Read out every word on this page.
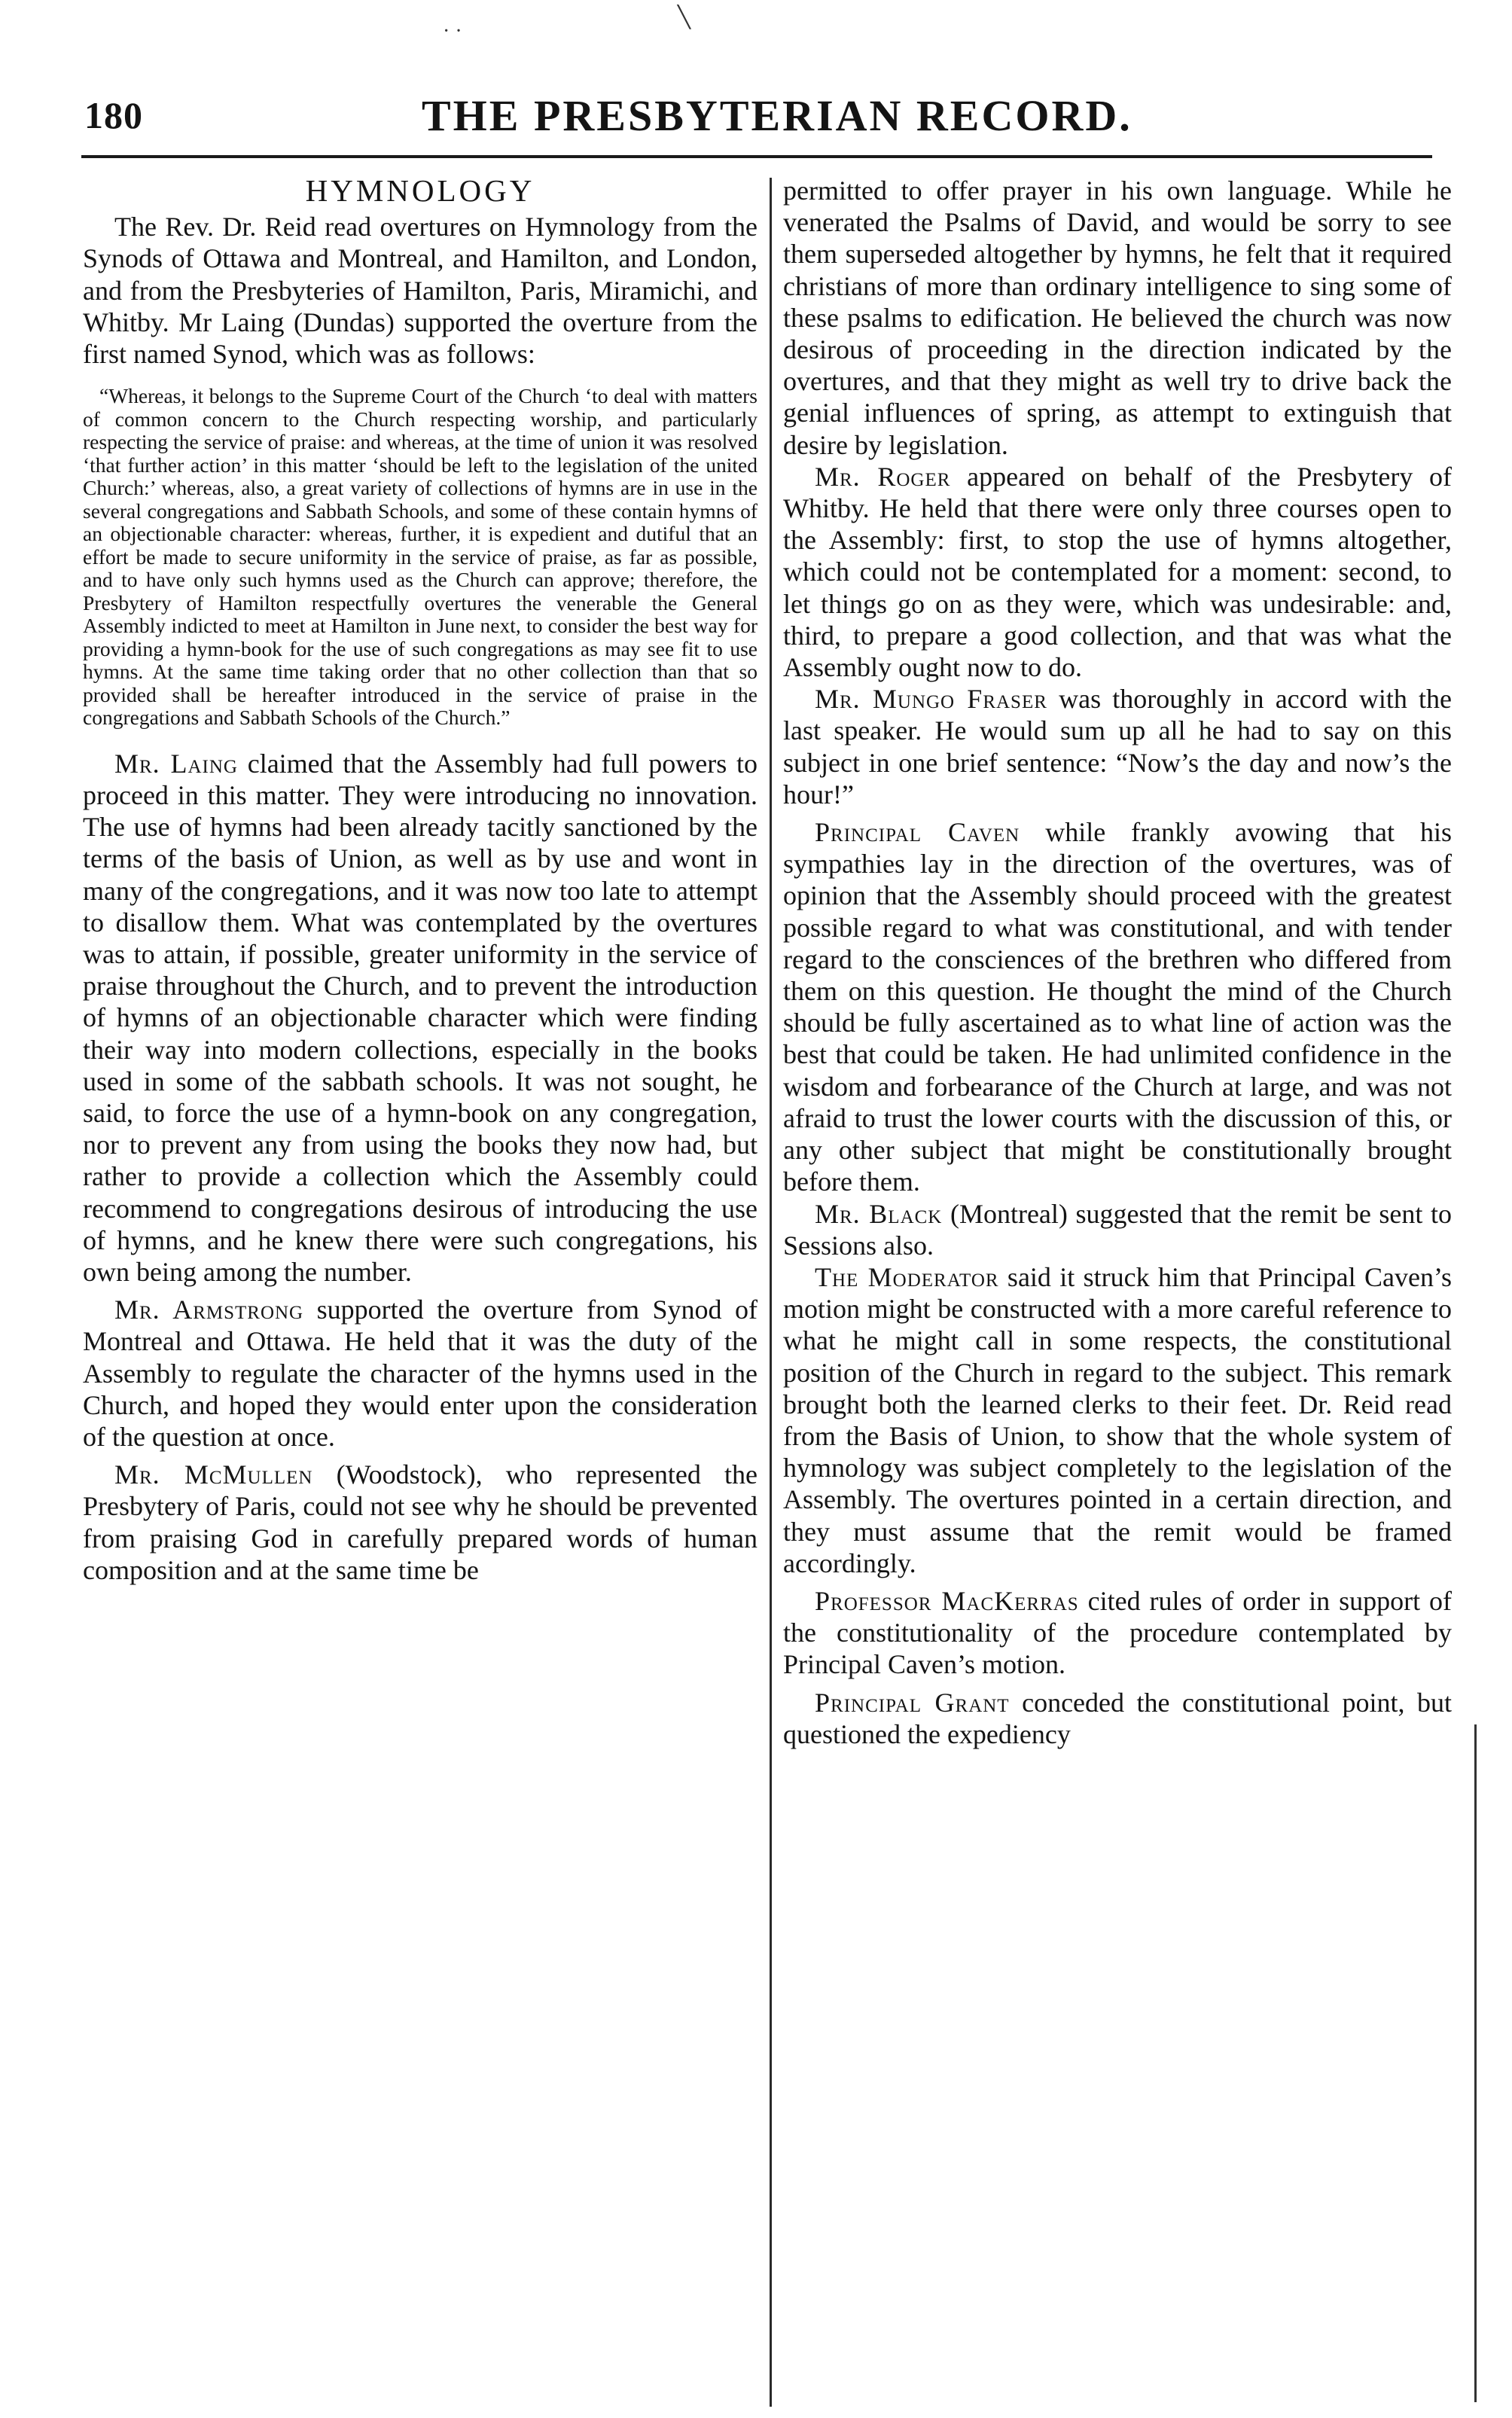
· ·
╲
180	THE PRESBYTERIAN RECORD.

HYMNOLOGY

The Rev. Dr. Reid read overtures on Hymnology from the Synods of Ottawa and Montreal, and Hamilton, and London, and from the Presbyteries of Hamilton, Paris, Miramichi, and Whitby. Mr Laing (Dundas) supported the overture from the first named Synod, which was as follows:

“Whereas, it belongs to the Supreme Court of the Church ‘to deal with matters of common concern to the Church respecting worship, and particularly respecting the service of praise: and whereas, at the time of union it was resolved ‘that further action’ in this matter ‘should be left to the legislation of the united Church:’ whereas, also, a great variety of collections of hymns are in use in the several congregations and Sabbath Schools, and some of these contain hymns of an objectionable character: whereas, further, it is expedient and dutiful that an effort be made to secure uniformity in the service of praise, as far as possible, and to have only such hymns used as the Church can approve; therefore, the Presbytery of Hamilton respectfully overtures the venerable the General Assembly indicted to meet at Hamilton in June next, to consider the best way for providing a hymn-book for the use of such congregations as may see fit to use hymns. At the same time taking order that no other collection than that so provided shall be hereafter introduced in the service of praise in the congregations and Sabbath Schools of the Church.”

Mr. Laing claimed that the Assembly had full powers to proceed in this matter. They were introducing no innovation. The use of hymns had been already tacitly sanctioned by the terms of the basis of Union, as well as by use and wont in many of the congregations, and it was now too late to attempt to disallow them. What was contemplated by the overtures was to attain, if possible, greater uniformity in the service of praise throughout the Church, and to prevent the introduction of hymns of an objectionable character which were finding their way into modern collections, especially in the books used in some of the sabbath schools. It was not sought, he said, to force the use of a hymn-book on any congregation, nor to prevent any from using the books they now had, but rather to provide a collection which the Assembly could recommend to congregations desirous of introducing the use of hymns, and he knew there were such congregations, his own being among the number.

Mr. Armstrong supported the overture from Synod of Montreal and Ottawa. He held that it was the duty of the Assembly to regulate the character of the hymns used in the Church, and hoped they would enter upon the consideration of the question at once.

Mr. McMullen (Woodstock), who represented the Presbytery of Paris, could not see why he should be prevented from praising God in carefully prepared words of human composition and at the same time be

permitted to offer prayer in his own language. While he venerated the Psalms of David, and would be sorry to see them superseded altogether by hymns, he felt that it required christians of more than ordinary intelligence to sing some of these psalms to edification. He believed the church was now desirous of proceeding in the direction indicated by the overtures, and that they might as well try to drive back the genial influences of spring, as attempt to extinguish that desire by legislation.

Mr. Roger appeared on behalf of the Presbytery of Whitby. He held that there were only three courses open to the Assembly: first, to stop the use of hymns altogether, which could not be contemplated for a moment: second, to let things go on as they were, which was undesirable: and, third, to prepare a good collection, and that was what the Assembly ought now to do.

Mr. Mungo Fraser was thoroughly in accord with the last speaker. He would sum up all he had to say on this subject in one brief sentence: “Now’s the day and now’s the hour!”

Principal Caven while frankly avowing that his sympathies lay in the direction of the overtures, was of opinion that the Assembly should proceed with the greatest possible regard to what was constitutional, and with tender regard to the consciences of the brethren who differed from them on this question. He thought the mind of the Church should be fully ascertained as to what line of action was the best that could be taken. He had unlimited confidence in the wisdom and forbearance of the Church at large, and was not afraid to trust the lower courts with the discussion of this, or any other subject that might be constitutionally brought before them.

Mr. Black (Montreal) suggested that the remit be sent to Sessions also.

The Moderator said it struck him that Principal Caven’s motion might be constructed with a more careful reference to what he might call in some respects, the constitutional position of the Church in regard to the subject. This remark brought both the learned clerks to their feet. Dr. Reid read from the Basis of Union, to show that the whole system of hymnology was subject completely to the legislation of the Assembly. The overtures pointed in a certain direction, and they must assume that the remit would be framed accordingly.

Professor MacKerras cited rules of order in support of the constitutionality of the procedure contemplated by Principal Caven’s motion.

Principal Grant conceded the constitutional point, but questioned the expediency
